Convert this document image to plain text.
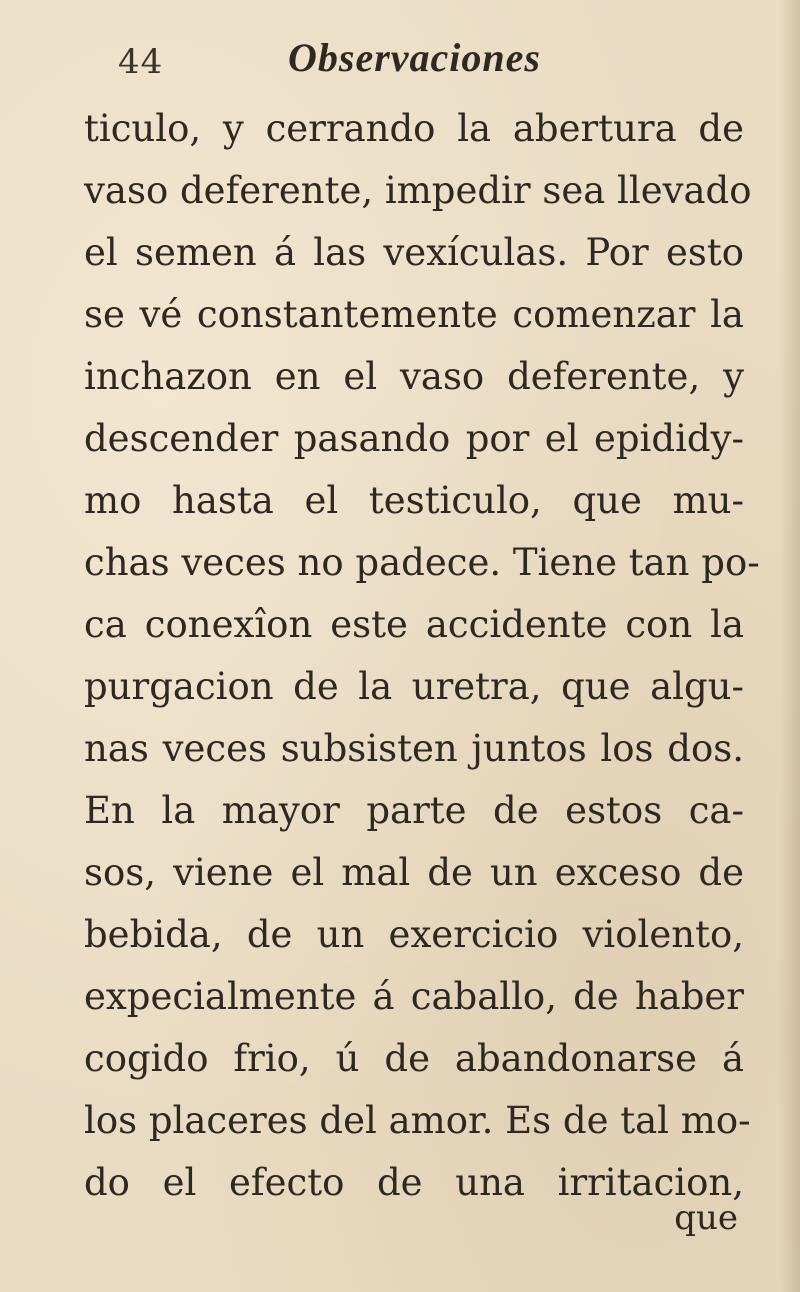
44	Observaciones
ticulo, y cerrando la abertura de
vaso deferente, impedir sea llevado
el semen á las vexículas. Por esto
se vé constantemente comenzar la
inchazon en el vaso deferente, y
descender pasando por el epididy-
mo hasta el testiculo, que mu-
chas veces no padece. Tiene tan po-
ca conexîon este accidente con la
purgacion de la uretra, que algu-
nas veces subsisten juntos los dos.
En la mayor parte de estos ca-
sos, viene el mal de un exceso de
bebida, de un exercicio violento,
expecialmente á caballo, de haber
cogido frio, ú de abandonarse á
los placeres del amor. Es de tal mo-
do el efecto de una irritacion,
que
